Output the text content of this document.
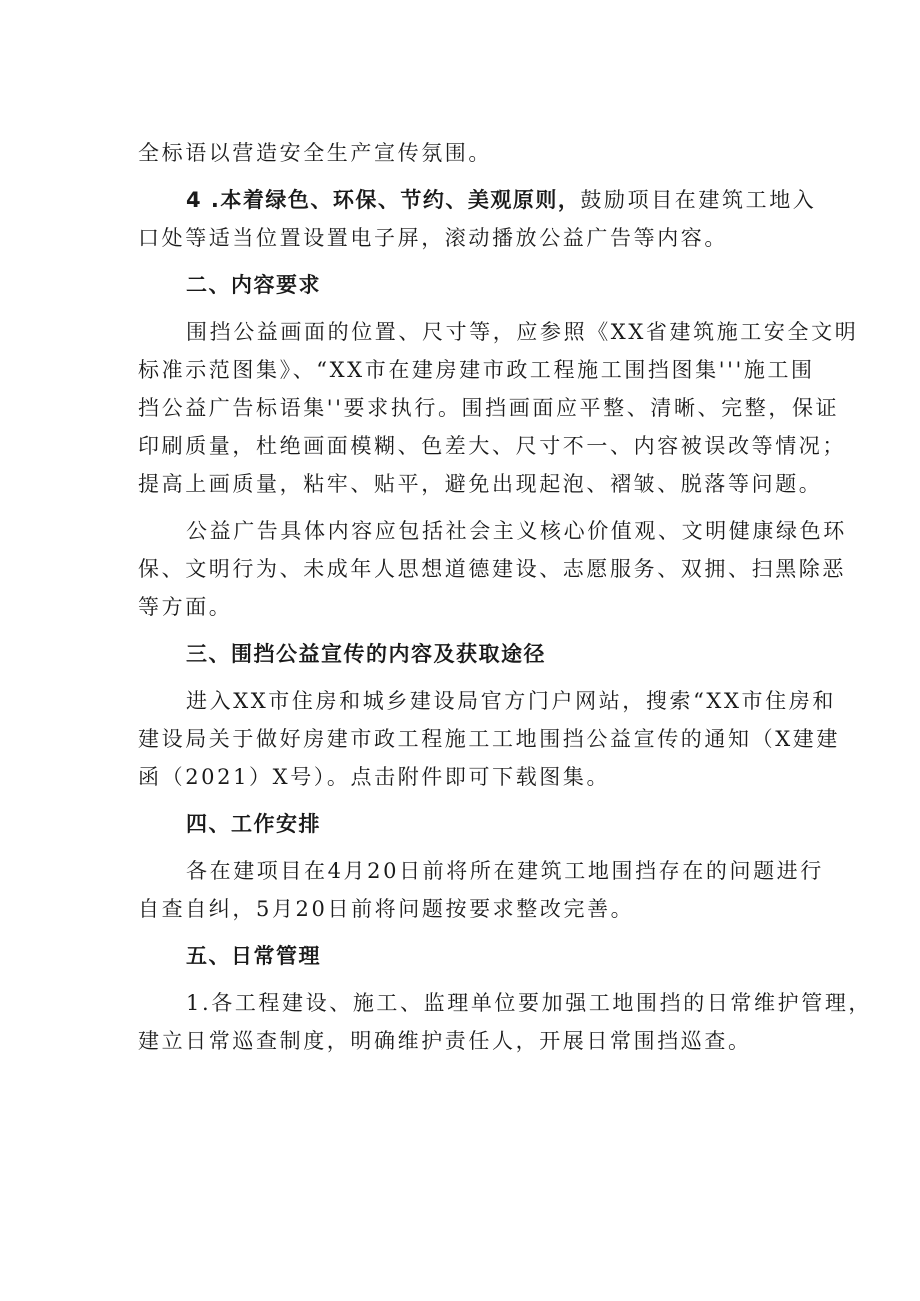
全标语以营造安全生产宣传氛围。
4 .本着绿色、环保、节约、美观原则，鼓励项目在建筑工地入
口处等适当位置设置电子屏，滚动播放公益广告等内容。
二、内容要求
围挡公益画面的位置、尺寸等，应参照《XX省建筑施工安全文明
标准示范图集》、“XX市在建房建市政工程施工围挡图集'''施工围
挡公益广告标语集''要求执行。围挡画面应平整、清晰、完整，保证
印刷质量，杜绝画面模糊、色差大、尺寸不一、内容被误改等情况；
提高上画质量，粘牢、贴平，避免出现起泡、褶皱、脱落等问题。
公益广告具体内容应包括社会主义核心价值观、文明健康绿色环
保、文明行为、未成年人思想道德建设、志愿服务、双拥、扫黑除恶
等方面。
三、围挡公益宣传的内容及获取途径
进入XX市住房和城乡建设局官方门户网站，搜索“XX市住房和
建设局关于做好房建市政工程施工工地围挡公益宣传的通知（X建建
函（2021）X号）。点击附件即可下载图集。
四、工作安排
各在建项目在4月20日前将所在建筑工地围挡存在的问题进行
自查自纠，5月20日前将问题按要求整改完善。
五、日常管理
1.各工程建设、施工、监理单位要加强工地围挡的日常维护管理，
建立日常巡查制度，明确维护责任人，开展日常围挡巡查。
